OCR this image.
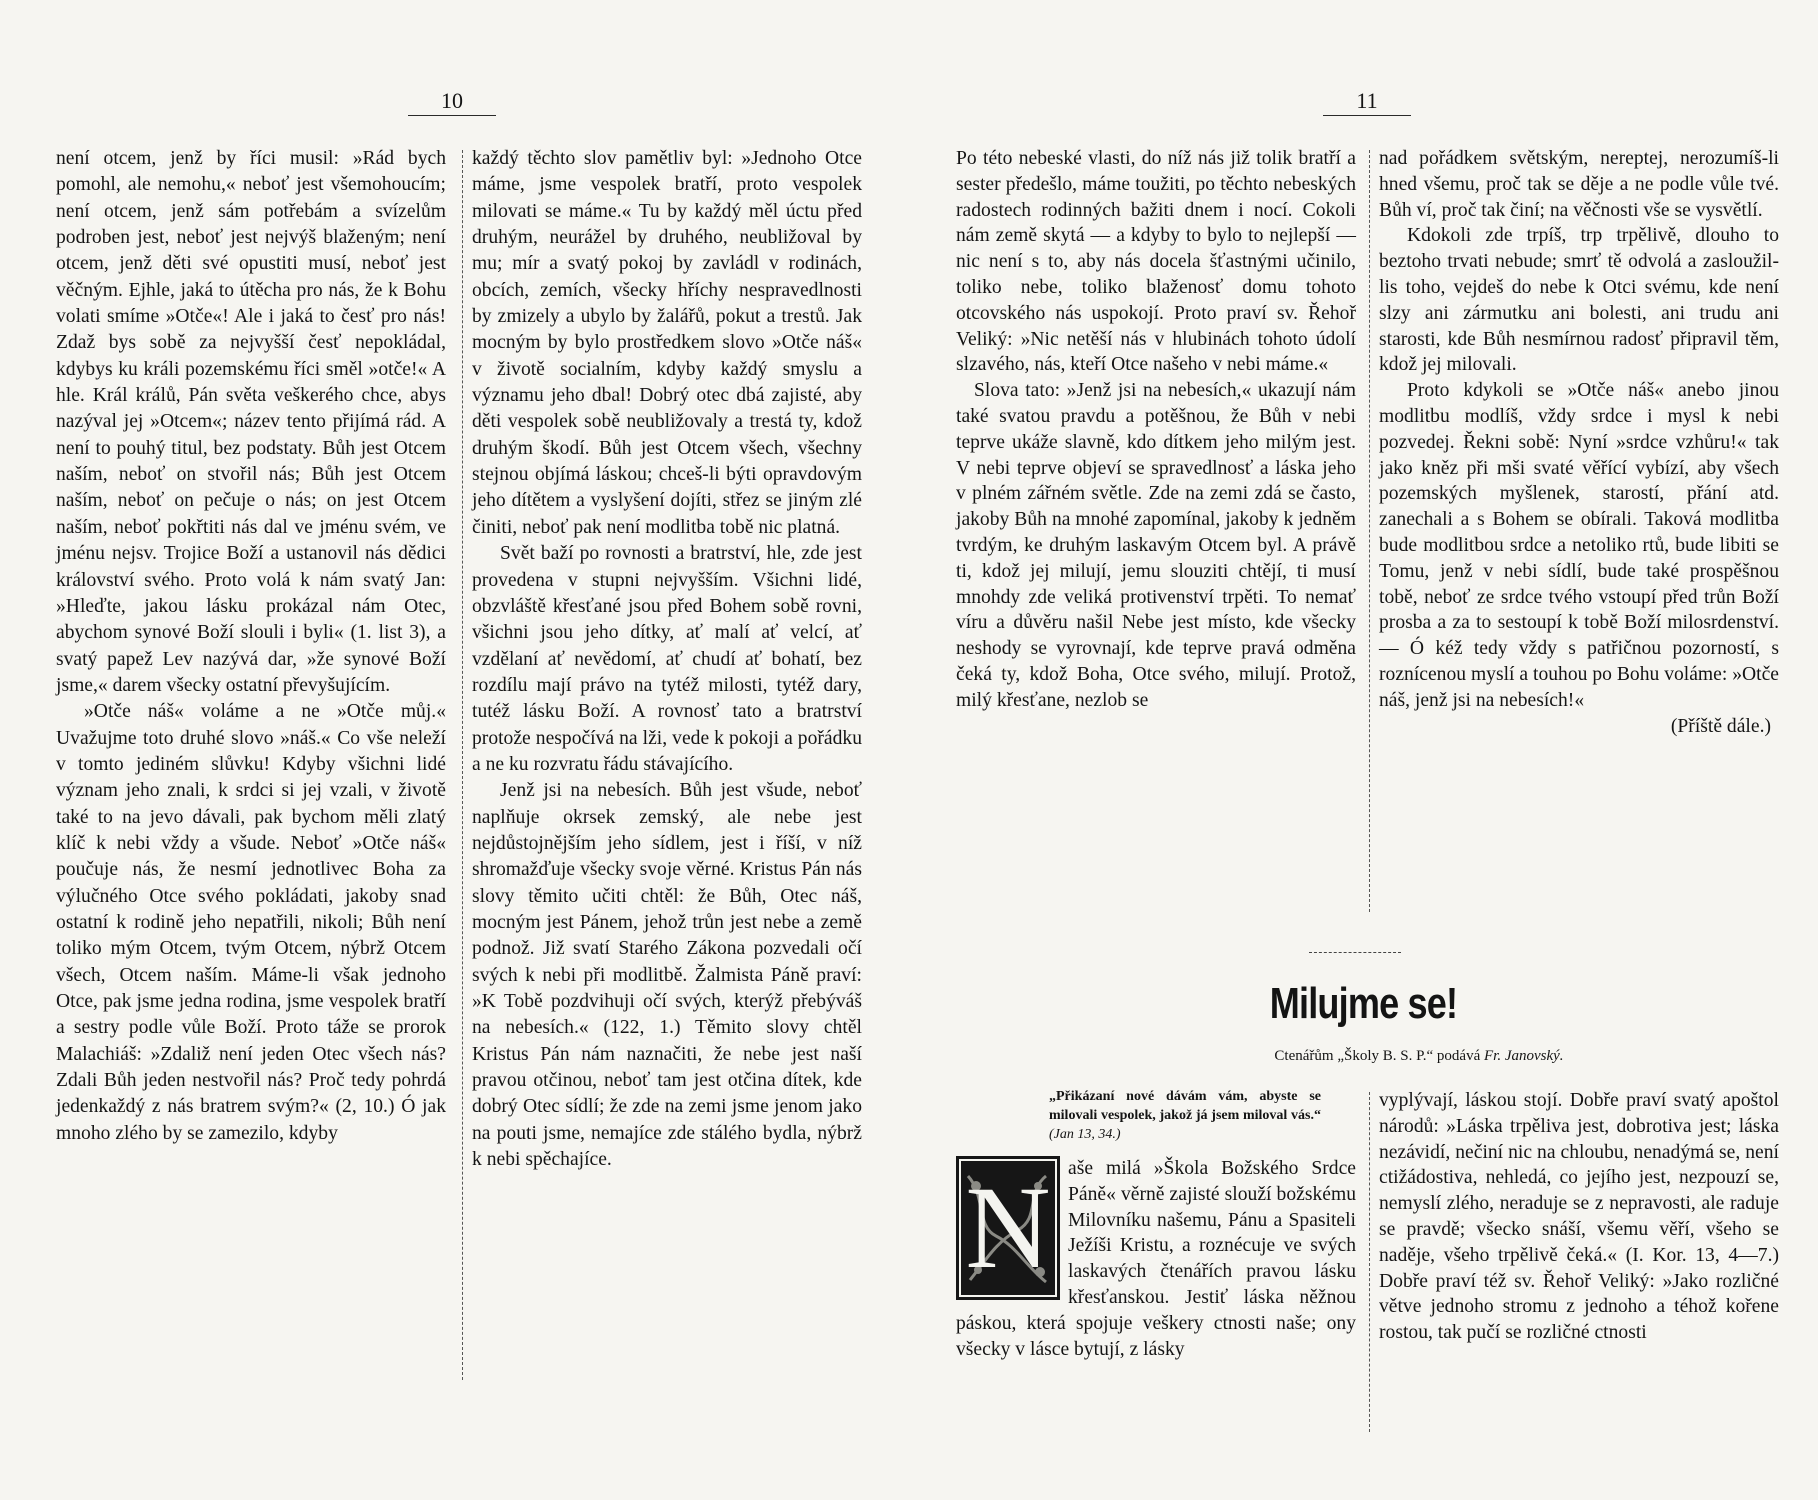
10

není otcem, jenž by říci musil: »Rád bych pomohl, ale nemohu,« neboť jest všemohoucím; není otcem, jenž sám potřebám a svízelům podroben jest, neboť jest nejvýš blaženým; není otcem, jenž děti své opustiti musí, neboť jest věčným. Ejhle, jaká to útěcha pro nás, že k Bohu volati smíme »Otče«! Ale i jaká to česť pro nás! Zdaž bys sobě za nejvyšší česť nepokládal, kdybys ku králi pozemskému říci směl »otče!« A hle. Král králů, Pán světa veškerého chce, abys nazýval jej »Otcem«; název tento přijímá rád. A není to pouhý titul, bez podstaty. Bůh jest Otcem naším, neboť on stvořil nás; Bůh jest Otcem naším, neboť on pečuje o nás; on jest Otcem naším, neboť pokřtiti nás dal ve jménu svém, ve jménu nejsv. Trojice Boží a ustanovil nás dědici království svého. Proto volá k nám svatý Jan: »Hleďte, jakou lásku prokázal nám Otec, abychom synové Boží slouli i byli« (1. list 3), a svatý papež Lev nazývá dar, »že synové Boží jsme,« darem všecky ostatní převyšujícím.

»Otče náš« voláme a ne »Otče můj.« Uvažujme toto druhé slovo »náš.« Co vše neleží v tomto jediném slůvku! Kdyby všichni lidé význam jeho znali, k srdci si jej vzali, v životě také to na jevo dávali, pak bychom měli zlatý klíč k nebi vždy a všude. Neboť »Otče náš« poučuje nás, že nesmí jednotlivec Boha za výlučného Otce svého pokládati, jakoby snad ostatní k rodině jeho nepatřili, nikoli; Bůh není toliko mým Otcem, tvým Otcem, nýbrž Otcem všech, Otcem naším. Máme-li však jednoho Otce, pak jsme jedna rodina, jsme vespolek bratří a sestry podle vůle Boží. Proto táže se prorok Malachiáš: »Zdaliž není jeden Otec všech nás? Zdali Bůh jeden nestvořil nás? Proč tedy pohrdá jedenkaždý z nás bratrem svým?« (2, 10.) Ó jak mnoho zlého by se zamezilo, kdyby

každý těchto slov pamětliv byl: »Jednoho Otce máme, jsme vespolek bratří, proto vespolek milovati se máme.« Tu by každý měl úctu před druhým, neurážel by druhého, neubližoval by mu; mír a svatý pokoj by zavládl v rodinách, obcích, zemích, všecky hříchy nespravedlnosti by zmizely a ubylo by žalářů, pokut a trestů. Jak mocným by bylo prostředkem slovo »Otče náš« v životě socialním, kdyby každý smyslu a významu jeho dbal! Dobrý otec dbá zajisté, aby děti vespolek sobě neubližovaly a trestá ty, kdož druhým škodí. Bůh jest Otcem všech, všechny stejnou objímá láskou; chceš-li býti opravdovým jeho dítětem a vyslyšení dojíti, střez se jiným zlé činiti, neboť pak není modlitba tobě nic platná.

Svět baží po rovnosti a bratrství, hle, zde jest provedena v stupni nejvyšším. Všichni lidé, obzvláště křesťané jsou před Bohem sobě rovni, všichni jsou jeho dítky, ať malí ať velcí, ať vzdělaní ať nevědomí, ať chudí ať bohatí, bez rozdílu mají právo na tytéž milosti, tytéž dary, tutéž lásku Boží. A rovnosť tato a bratrství protože nespočívá na lži, vede k pokoji a pořádku a ne ku rozvratu řádu stávajícího.

Jenž jsi na nebesích. Bůh jest všude, neboť naplňuje okrsek zemský, ale nebe jest nejdůstojnějším jeho sídlem, jest i říší, v níž shromažďuje všecky svoje věrné. Kristus Pán nás slovy těmito učiti chtěl: že Bůh, Otec náš, mocným jest Pánem, jehož trůn jest nebe a země podnož. Již svatí Starého Zákona pozvedali očí svých k nebi při modlitbě. Žalmista Páně praví: »K Tobě pozdvihuji očí svých, kterýž přebýváš na nebesích.« (122, 1.) Těmito slovy chtěl Kristus Pán nám naznačiti, že nebe jest naší pravou otčinou, neboť tam jest otčina dítek, kde dobrý Otec sídlí; že zde na zemi jsme jenom jako na pouti jsme, nemajíce zde stálého bydla, nýbrž k nebi spěchajíce.

11

Po této nebeské vlasti, do níž nás již tolik bratří a sester předešlo, máme toužiti, po těchto nebeských radostech rodinných bažiti dnem i nocí. Cokoli nám země skytá — a kdyby to bylo to nejlepší — nic není s to, aby nás docela šťastnými učinilo, toliko nebe, toliko blaženosť domu tohoto otcovského nás uspokojí. Proto praví sv. Řehoř Veliký: »Nic netěší nás v hlubinách tohoto údolí slzavého, nás, kteří Otce našeho v nebi máme.«

Slova tato: »Jenž jsi na nebesích,« ukazují nám také svatou pravdu a potěšnou, že Bůh v nebi teprve ukáže slavně, kdo dítkem jeho milým jest. V nebi teprve objeví se spravedlnosť a láska jeho v plném zářném světle. Zde na zemi zdá se často, jakoby Bůh na mnohé zapomínal, jakoby k jedněm tvrdým, ke druhým laskavým Otcem byl. A právě ti, kdož jej milují, jemu slouziti chtějí, ti musí mnohdy zde veliká protivenství trpěti. To nemať víru a důvěru našil Nebe jest místo, kde všecky neshody se vyrovnají, kde teprve pravá odměna čeká ty, kdož Boha, Otce svého, milují. Protož, milý křesťane, nezlob se

nad pořádkem světským, nereptej, nerozumíš-li hned všemu, proč tak se děje a ne podle vůle tvé. Bůh ví, proč tak činí; na věčnosti vše se vysvětlí.

Kdokoli zde trpíš, trp trpělivě, dlouho to beztoho trvati nebude; smrť tě odvolá a zasloužil-lis toho, vejdeš do nebe k Otci svému, kde není slzy ani zármutku ani bolesti, ani trudu ani starosti, kde Bůh nesmírnou radosť připravil těm, kdož jej milovali.

Proto kdykoli se »Otče náš« anebo jinou modlitbu modlíš, vždy srdce i mysl k nebi pozvedej. Řekni sobě: Nyní »srdce vzhůru!« tak jako kněz při mši svaté věřící vybízí, aby všech pozemských myšlenek, starostí, přání atd. zanechali a s Bohem se obírali. Taková modlitba bude modlitbou srdce a netoliko rtů, bude libiti se Tomu, jenž v nebi sídlí, bude také prospěšnou tobě, neboť ze srdce tvého vstoupí před trůn Boží prosba a za to sestoupí k tobě Boží milosrdenství. — Ó kéž tedy vždy s patřičnou pozorností, s roznícenou myslí a touhou po Bohu voláme: »Otče náš, jenž jsi na nebesích!«

(Příště dále.)

Milujme se!
Ctenářům „Školy B. S. P.“ podává Fr. Janovský.
„Přikázaní nové dávám vám, abyste se milovali vespolek, jakož já jsem miloval vás.“ (Jan 13, 34.)
N aše milá »Škola Božského Srdce Páně« věrně zajisté slouží božskému Milovníku našemu, Pánu a Spasiteli Ježíši Kristu, a roznécuje ve svých laskavých čtenářích pravou lásku křesťanskou. Jestiť láska něžnou páskou, která spojuje veškery ctnosti naše; ony všecky v lásce bytují, z lásky

vyplývají, láskou stojí. Dobře praví svatý apoštol národů: »Láska trpěliva jest, dobrotiva jest; láska nezávidí, nečiní nic na chloubu, nenadýmá se, není ctižádostiva, nehledá, co jejího jest, nezpouzí se, nemyslí zlého, neraduje se z nepravosti, ale raduje se pravdě; všecko snáší, všemu věří, všeho se naděje, všeho trpělivě čeká.« (I. Kor. 13, 4—7.) Dobře praví též sv. Řehoř Veliký: »Jako rozličné větve jednoho stromu z jednoho a téhož kořene rostou, tak pučí se rozličné ctnosti
